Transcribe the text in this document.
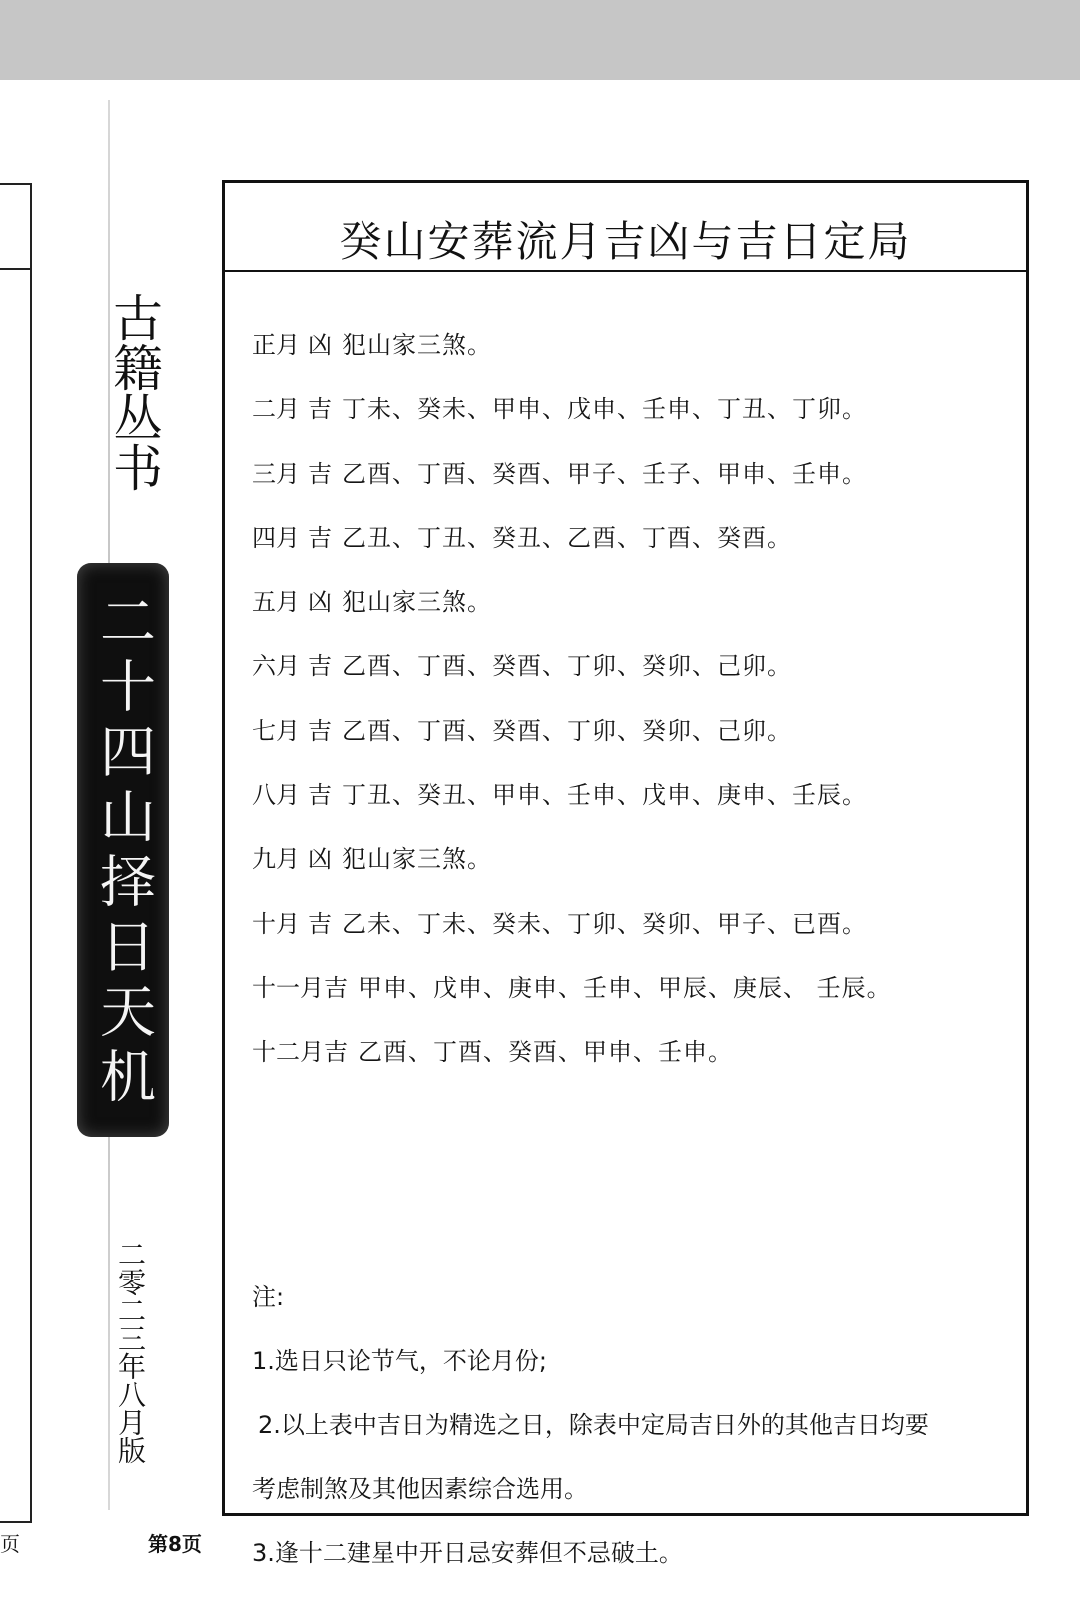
页
古籍丛书
二十四山择日天机
二零二三年八月版
第8页
癸山安葬流月吉凶与吉日定局
正月 凶 犯山家三煞。
二月 吉 丁未、癸未、甲申、戊申、壬申、丁丑、丁卯。
三月 吉 乙酉、丁酉、癸酉、甲子、壬子、甲申、壬申。
四月 吉 乙丑、丁丑、癸丑、乙酉、丁酉、癸酉。
五月 凶 犯山家三煞。
六月 吉 乙酉、丁酉、癸酉、丁卯、癸卯、己卯。
七月 吉 乙酉、丁酉、癸酉、丁卯、癸卯、己卯。
八月 吉 丁丑、癸丑、甲申、壬申、戊申、庚申、壬辰。
九月 凶 犯山家三煞。
十月 吉 乙未、丁未、癸未、丁卯、癸卯、甲子、已酉。
十一月吉 甲申、戊申、庚申、壬申、甲辰、庚辰、 壬辰。
十二月吉 乙酉、丁酉、癸酉、甲申、壬申。
注:
1.选日只论节气，不论月份;
2.以上表中吉日为精选之日，除表中定局吉日外的其他吉日均要
考虑制煞及其他因素综合选用。
3.逢十二建星中开日忌安葬但不忌破土。
